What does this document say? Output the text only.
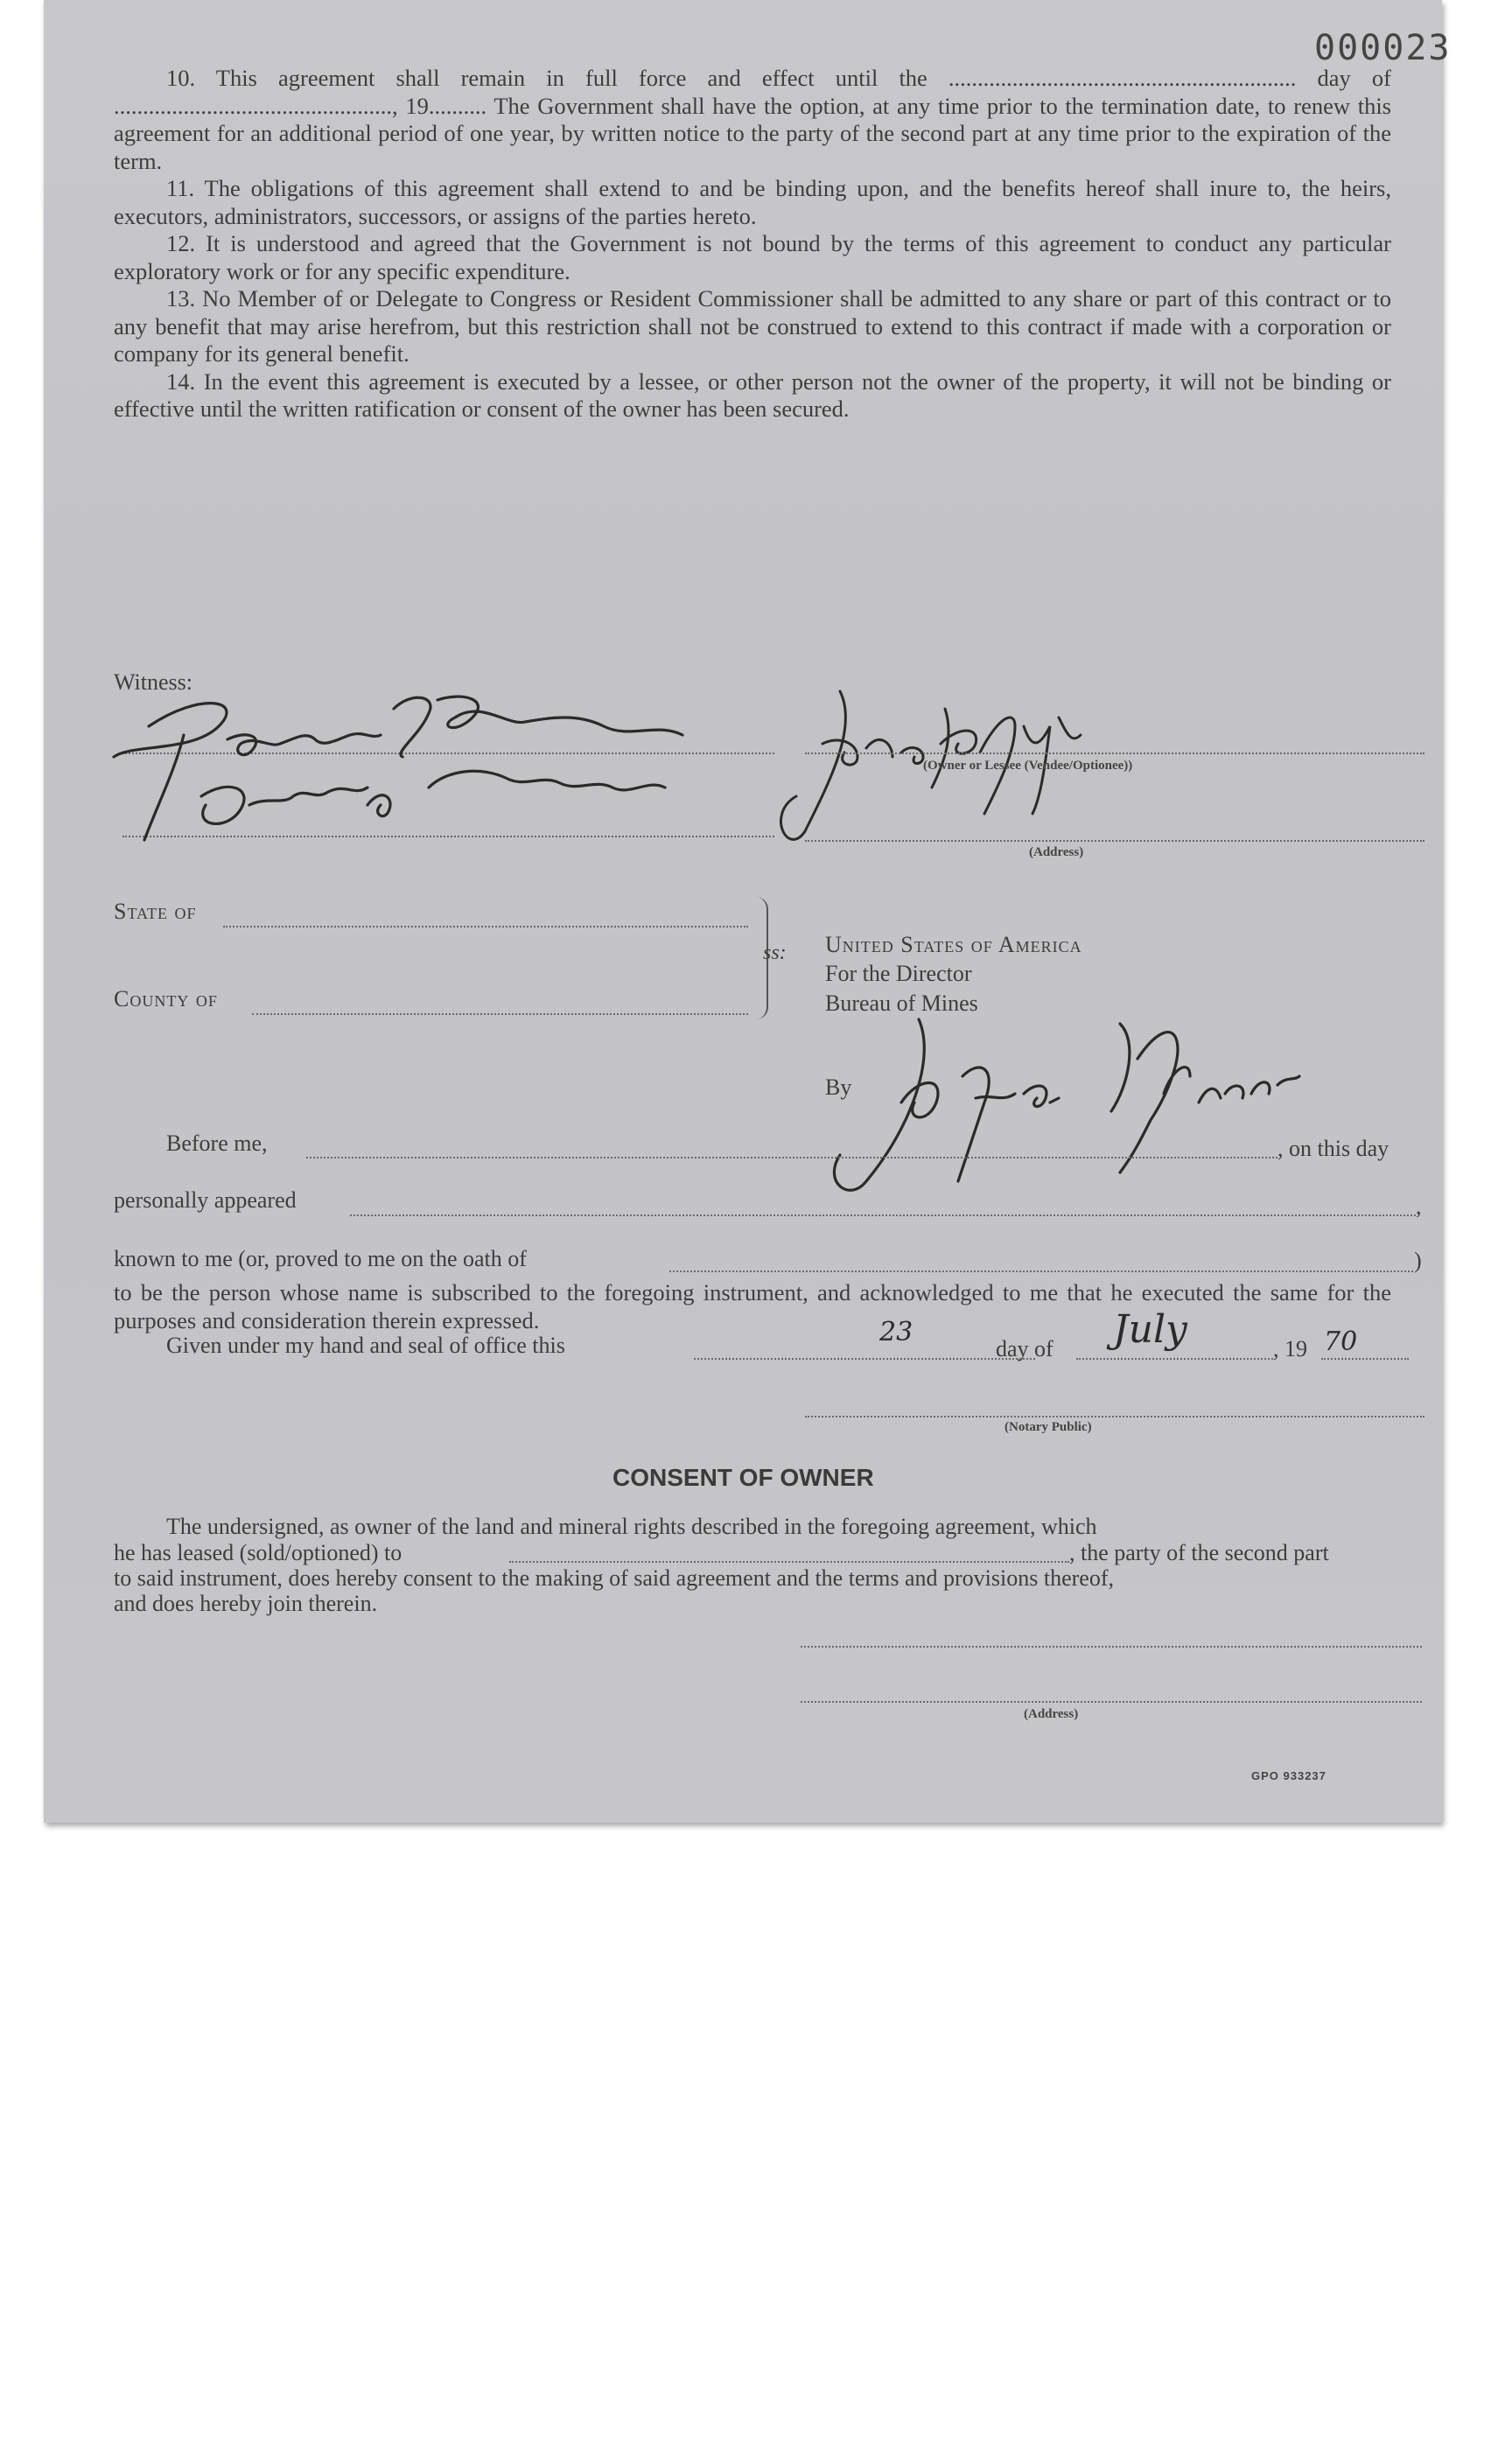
000023

10. This agreement shall remain in full force and effect until the ............................................................ day of ................................................, 19.......... The Government shall have the option, at any time prior to the termination date, to renew this agreement for an additional period of one year, by written notice to the party of the second part at any time prior to the expiration of the term.

11. The obligations of this agreement shall extend to and be binding upon, and the benefits hereof shall inure to, the heirs, executors, administrators, successors, or assigns of the parties hereto.

12. It is understood and agreed that the Government is not bound by the terms of this agreement to conduct any particular exploratory work or for any specific expenditure.

13. No Member of or Delegate to Congress or Resident Commissioner shall be admitted to any share or part of this contract or to any benefit that may arise herefrom, but this restriction shall not be construed to extend to this contract if made with a corporation or company for its general benefit.

14. In the event this agreement is executed by a lessee, or other person not the owner of the property, it will not be binding or effective until the written ratification or consent of the owner has been secured.

Witness:
(Owner or Lessee (Vendee/Optionee))
(Address)
State of
County of
ss: United States of America
For the Director
Bureau of Mines
By
Before me,	, on this day
personally appeared	,
known to me (or, proved to me on the oath of	)

to be the person whose name is subscribed to the foregoing instrument, and acknowledged to me that he executed the same for the purposes and consideration therein expressed.

Given under my hand and seal of office this	23
day of July	, 19 70
(Notary Public)
CONSENT OF OWNER
The undersigned, as owner of the land and mineral rights described in the foregoing agreement, which
he has leased (sold/optioned) to	, the party of the second part
to said instrument, does hereby consent to the making of said agreement and the terms and provisions thereof,
and does hereby join therein.
(Address)
GPO 933237
